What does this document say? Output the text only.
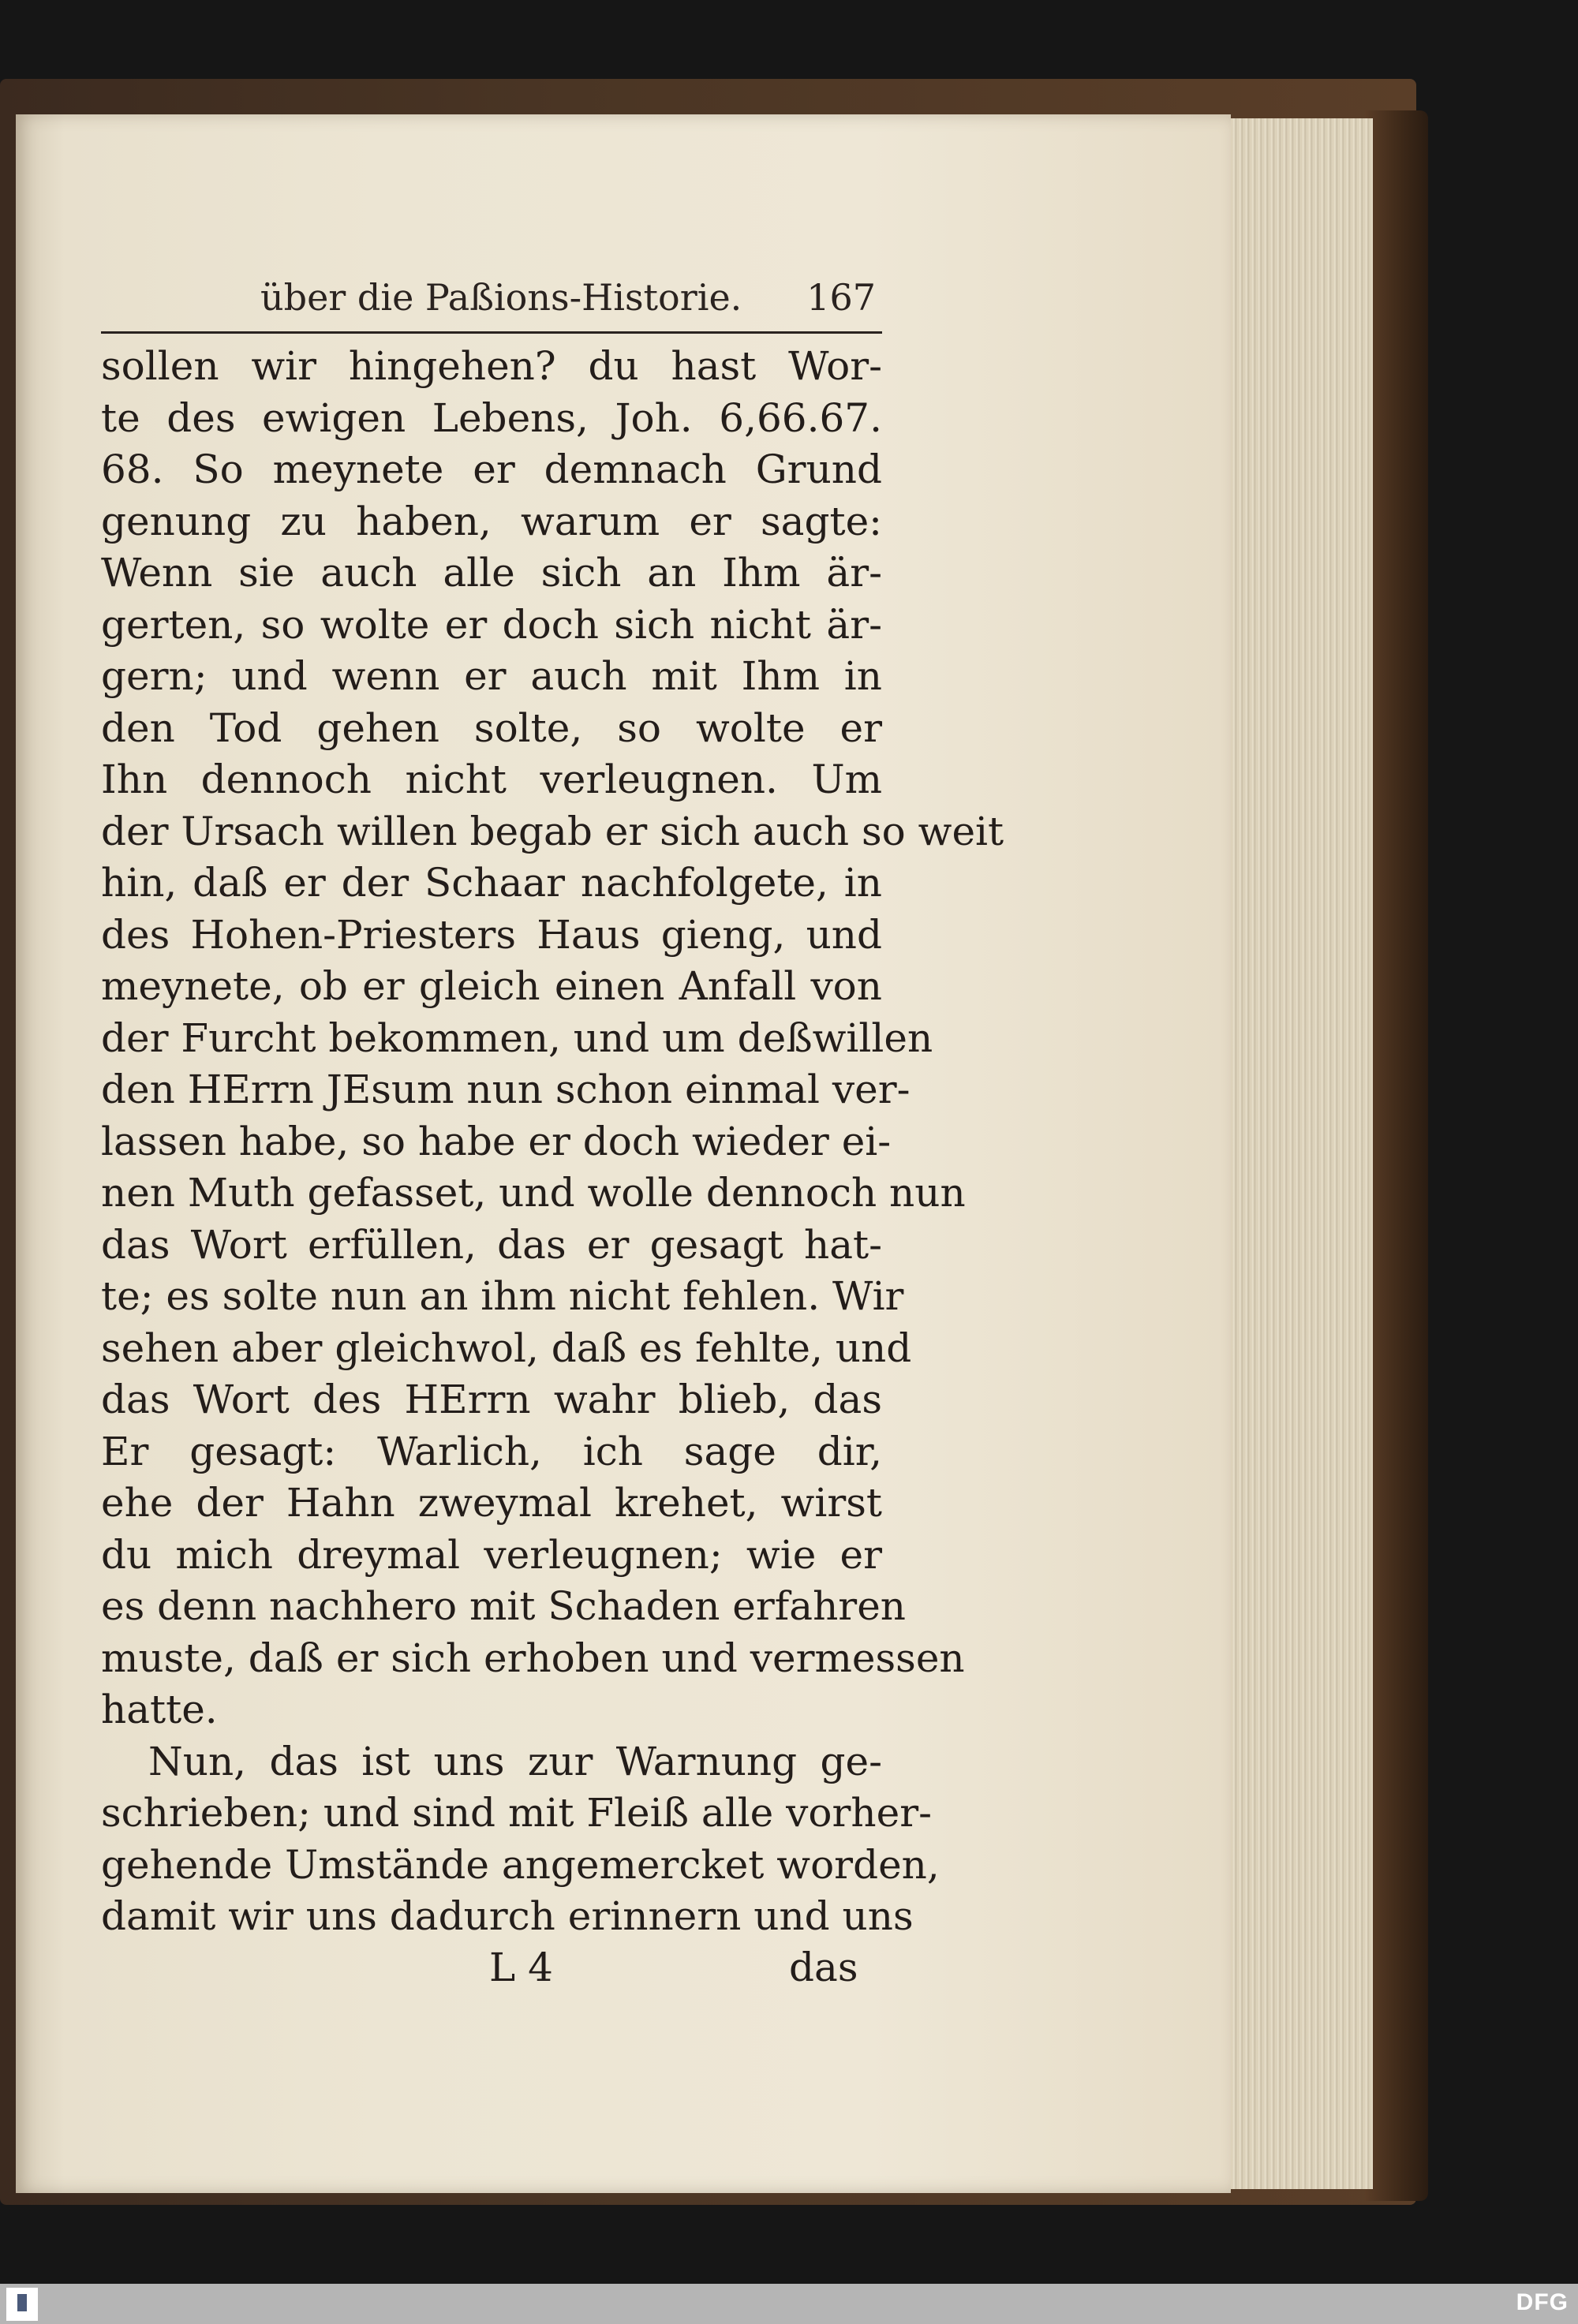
über die Paßions-Historie. 167
sollen wir hingehen? du hast Wor-
te des ewigen Lebens, Joh. 6,66.67.
68. So meynete er demnach Grund
genung zu haben, warum er sagte:
Wenn sie auch alle sich an Ihm är-
gerten, so wolte er doch sich nicht är-
gern; und wenn er auch mit Ihm in
den Tod gehen solte, so wolte er
Ihn dennoch nicht verleugnen. Um
der Ursach willen begab er sich auch so weit
hin, daß er der Schaar nachfolgete, in
des Hohen-Priesters Haus gieng, und
meynete, ob er gleich einen Anfall von
der Furcht bekommen, und um deßwillen
den HErrn JEsum nun schon einmal ver-
lassen habe, so habe er doch wieder ei-
nen Muth gefasset, und wolle dennoch nun
das Wort erfüllen, das er gesagt hat-
te; es solte nun an ihm nicht fehlen. Wir
sehen aber gleichwol, daß es fehlte, und
das Wort des HErrn wahr blieb, das
Er gesagt: Warlich, ich sage dir,
ehe der Hahn zweymal krehet, wirst
du mich dreymal verleugnen; wie er
es denn nachhero mit Schaden erfahren
muste, daß er sich erhoben und vermessen
hatte.
Nun, das ist uns zur Warnung ge-
schrieben; und sind mit Fleiß alle vorher-
gehende Umstände angemercket worden,
damit wir uns dadurch erinnern und uns
L 4	das
DFG
